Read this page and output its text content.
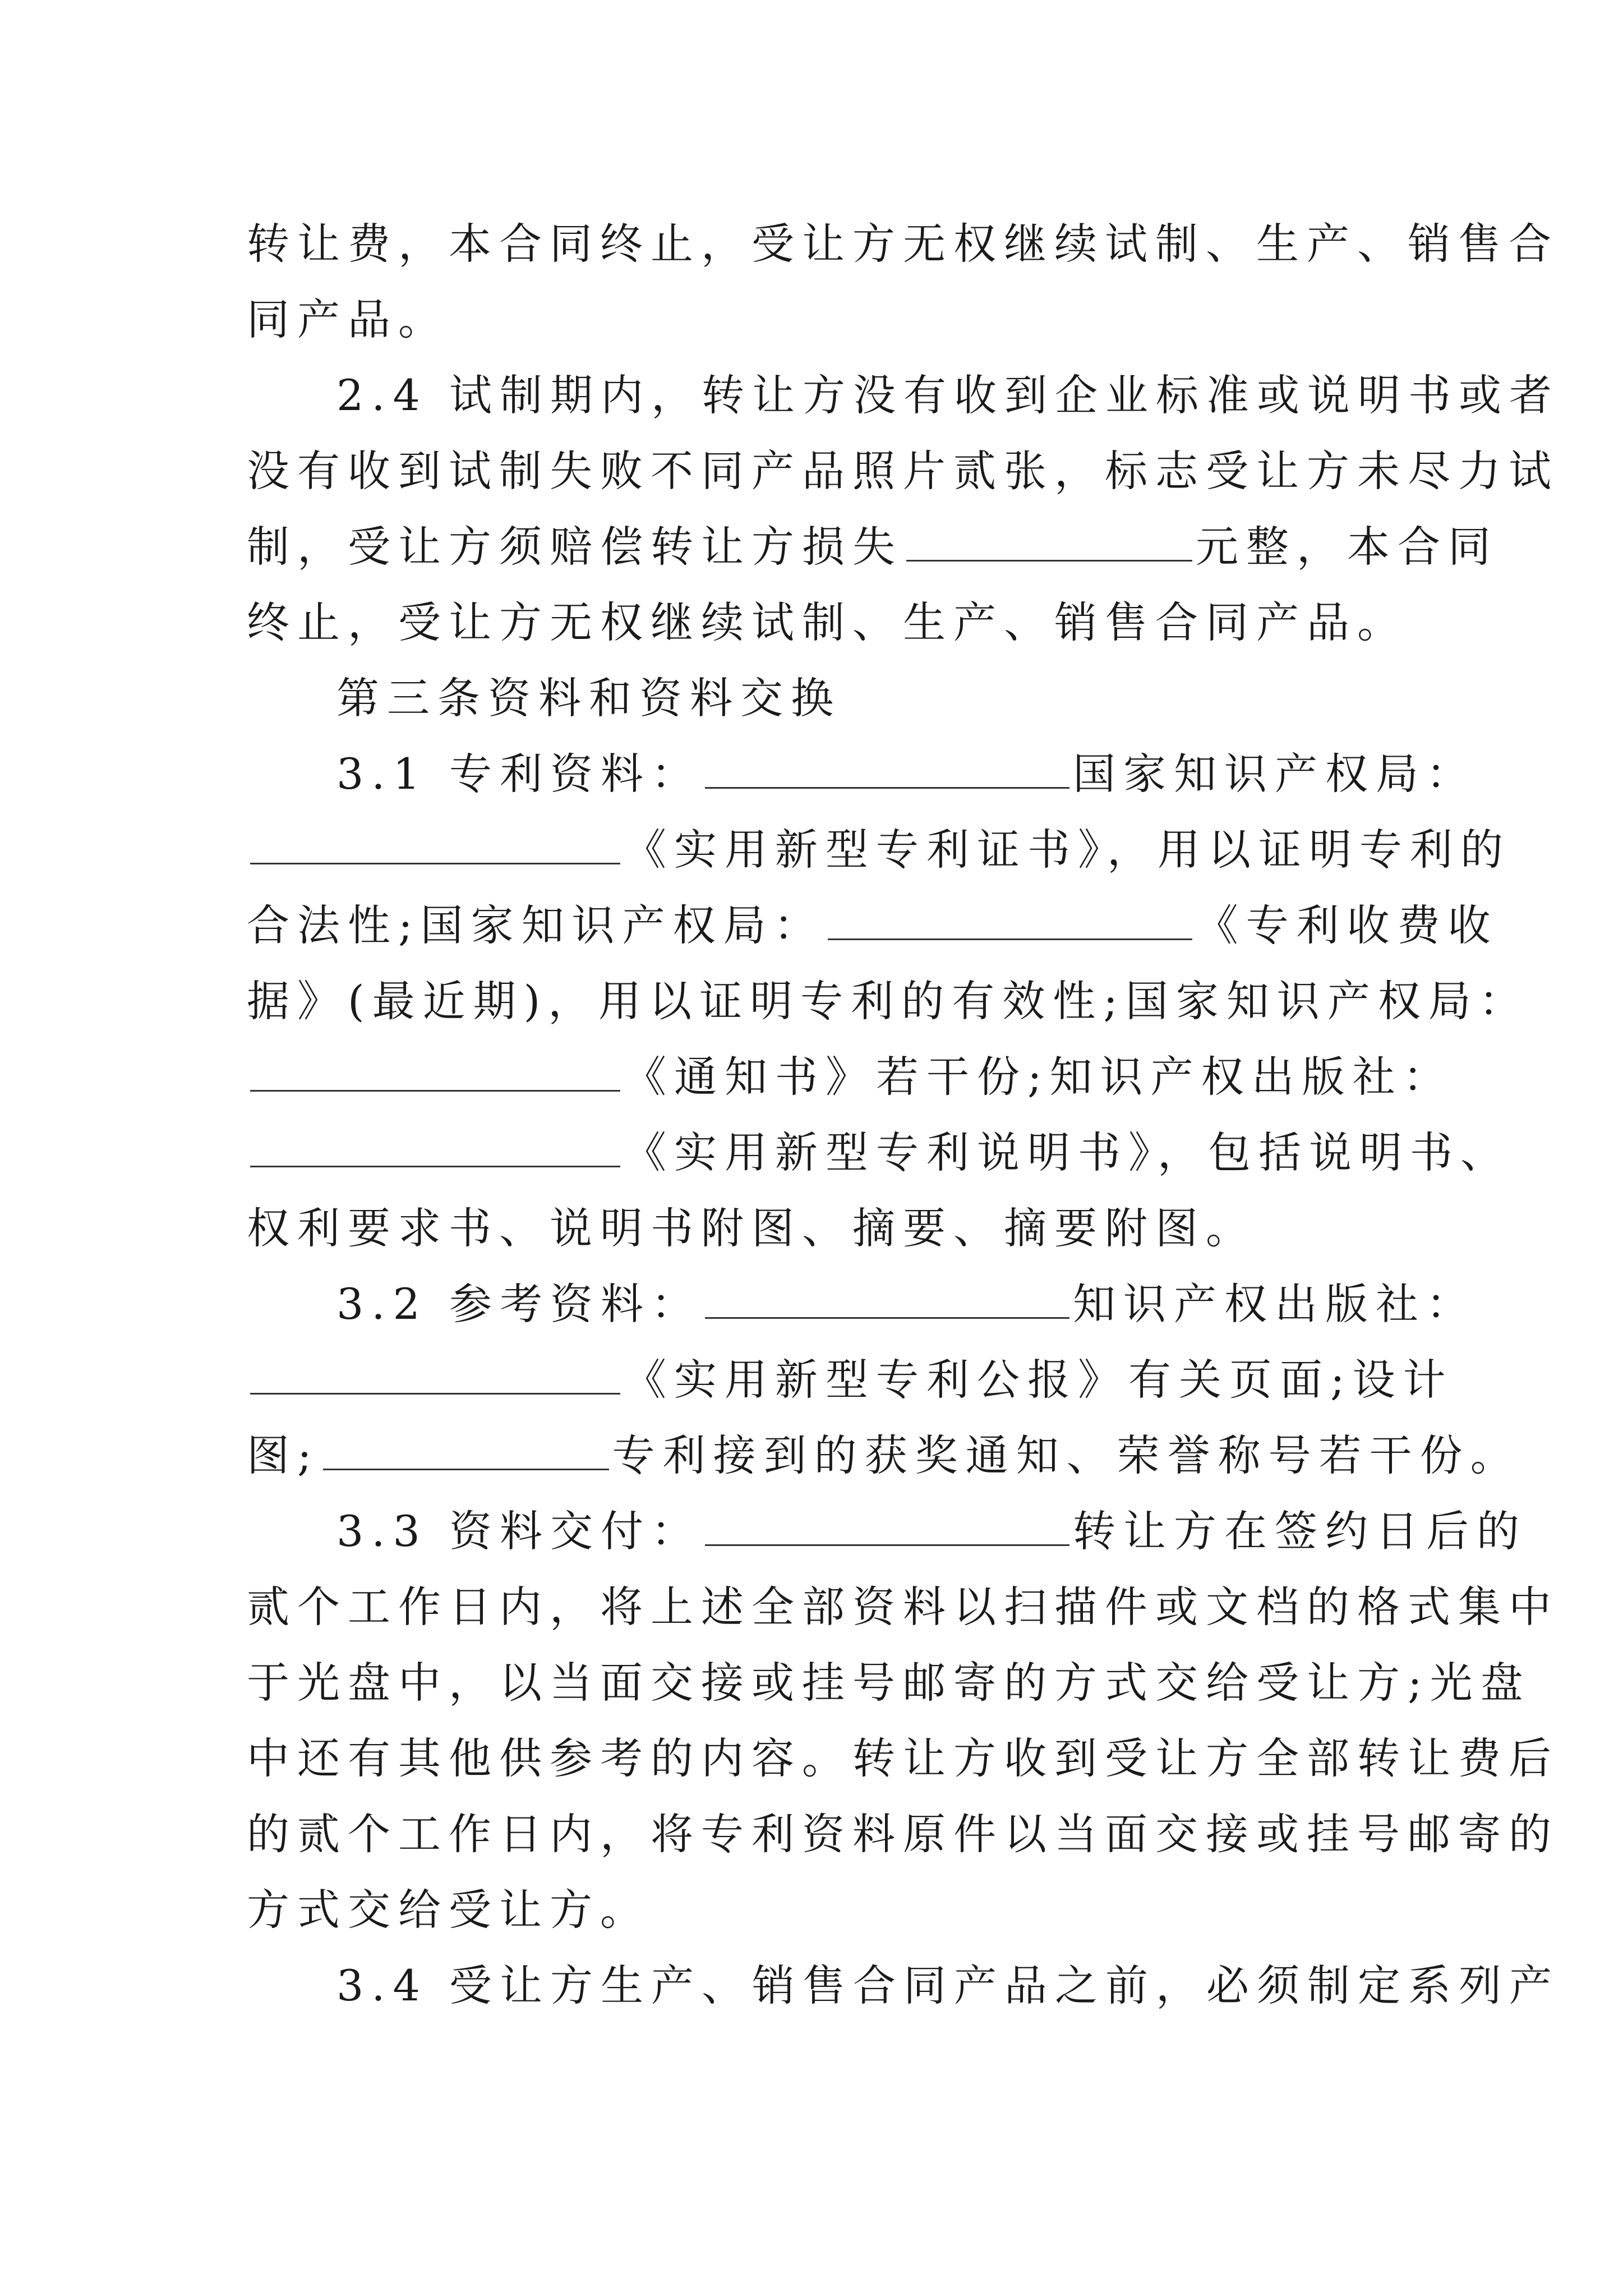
转让费，本合同终止，受让方无权继续试制、生产、销售合
同产品。
2.4 试制期内，转让方没有收到企业标准或说明书或者
没有收到试制失败不同产品照片贰张，标志受让方未尽力试
制，受让方须赔偿转让方损失	元整，本合同
终止，受让方无权继续试制、生产、销售合同产品。
第三条资料和资料交换
3.1 专利资料：	国家知识产权局：
《实用新型专利证书》，用以证明专利的
合法性;国家知识产权局：	《专利收费收
据》(最近期)，用以证明专利的有效性;国家知识产权局：
《通知书》若干份;知识产权出版社：
《实用新型专利说明书》，包括说明书、
权利要求书、说明书附图、摘要、摘要附图。
3.2 参考资料：	知识产权出版社：
《实用新型专利公报》有关页面;设计
图;	专利接到的获奖通知、荣誉称号若干份。
3.3 资料交付：	转让方在签约日后的
贰个工作日内，将上述全部资料以扫描件或文档的格式集中
于光盘中，以当面交接或挂号邮寄的方式交给受让方;光盘
中还有其他供参考的内容。转让方收到受让方全部转让费后
的贰个工作日内，将专利资料原件以当面交接或挂号邮寄的
方式交给受让方。
3.4 受让方生产、销售合同产品之前，必须制定系列产
